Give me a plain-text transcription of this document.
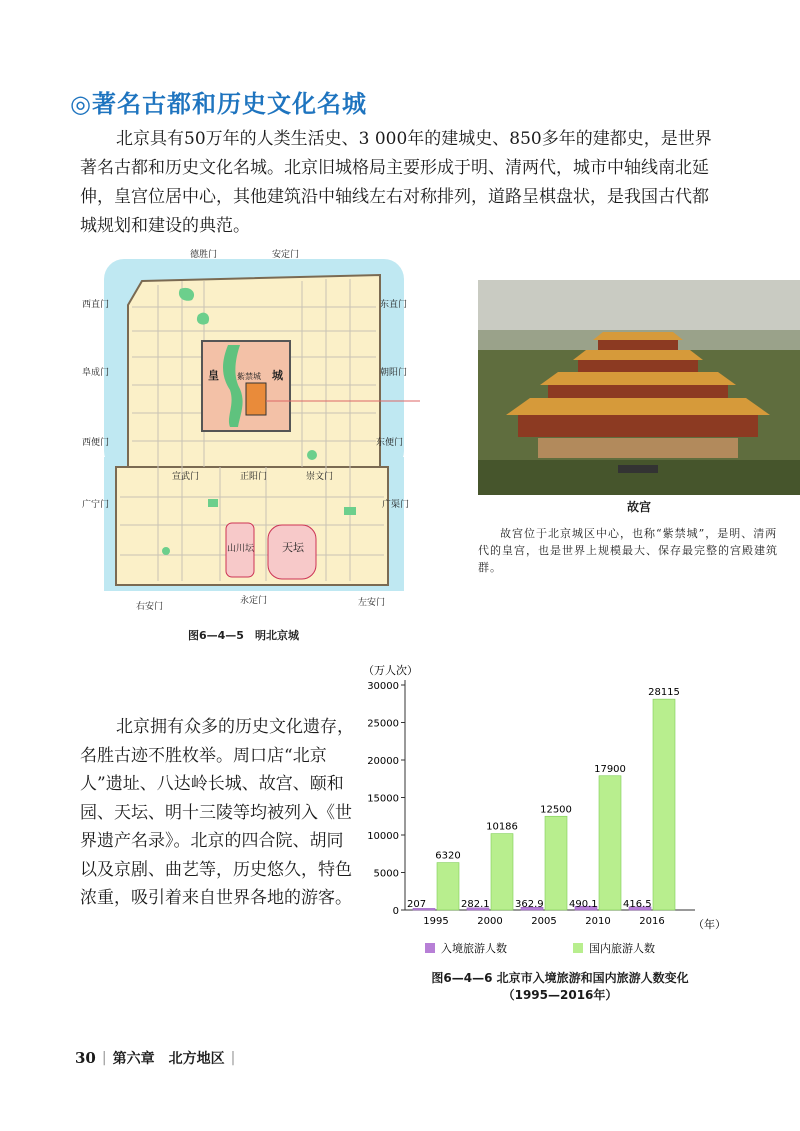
◎著名古都和历史文化名城

北京具有50万年的人类生活史、3 000年的建城史、850多年的建都史，是世界著名古都和历史文化名城。北京旧城格局主要形成于明、清两代，城市中轴线南北延伸，皇宫位居中心，其他建筑沿中轴线左右对称排列，道路呈棋盘状，是我国古代都城规划和建设的典范。

德胜门	安定门
西直门	东直门
阜成门	朝阳门
西便门	东便门
宣武门	正阳门	崇文门
广宁门	广渠门
右安门
永定门	左安门
皇	城
紫禁城
山川坛	天坛
故宫

故宫位于北京城区中心，也称“紫禁城”，是明、清两代的皇宫，也是世界上规模最大、保存最完整的宫殿建筑群。

图6—4—5　明北京城

北京拥有众多的历史文化遗存，名胜古迹不胜枚举。周口店“北京人”遗址、八达岭长城、故宫、颐和园、天坛、明十三陵等均被列入《世界遗产名录》。北京的四合院、胡同以及京剧、曲艺等，历史悠久，特色浓重，吸引着来自世界各地的游客。

（万人次）
（年）
0
5000
10000
15000
20000
25000
30000
207
6320
1995
282.1
10186
2000
362.9
12500
2005
490.1
17900
2010
416.5
28115
2016
入境旅游人数	国内旅游人数
图6—4—6 北京市入境旅游和国内旅游人数变化
（1995—2016年）
30 | 第六章　北方地区 |
